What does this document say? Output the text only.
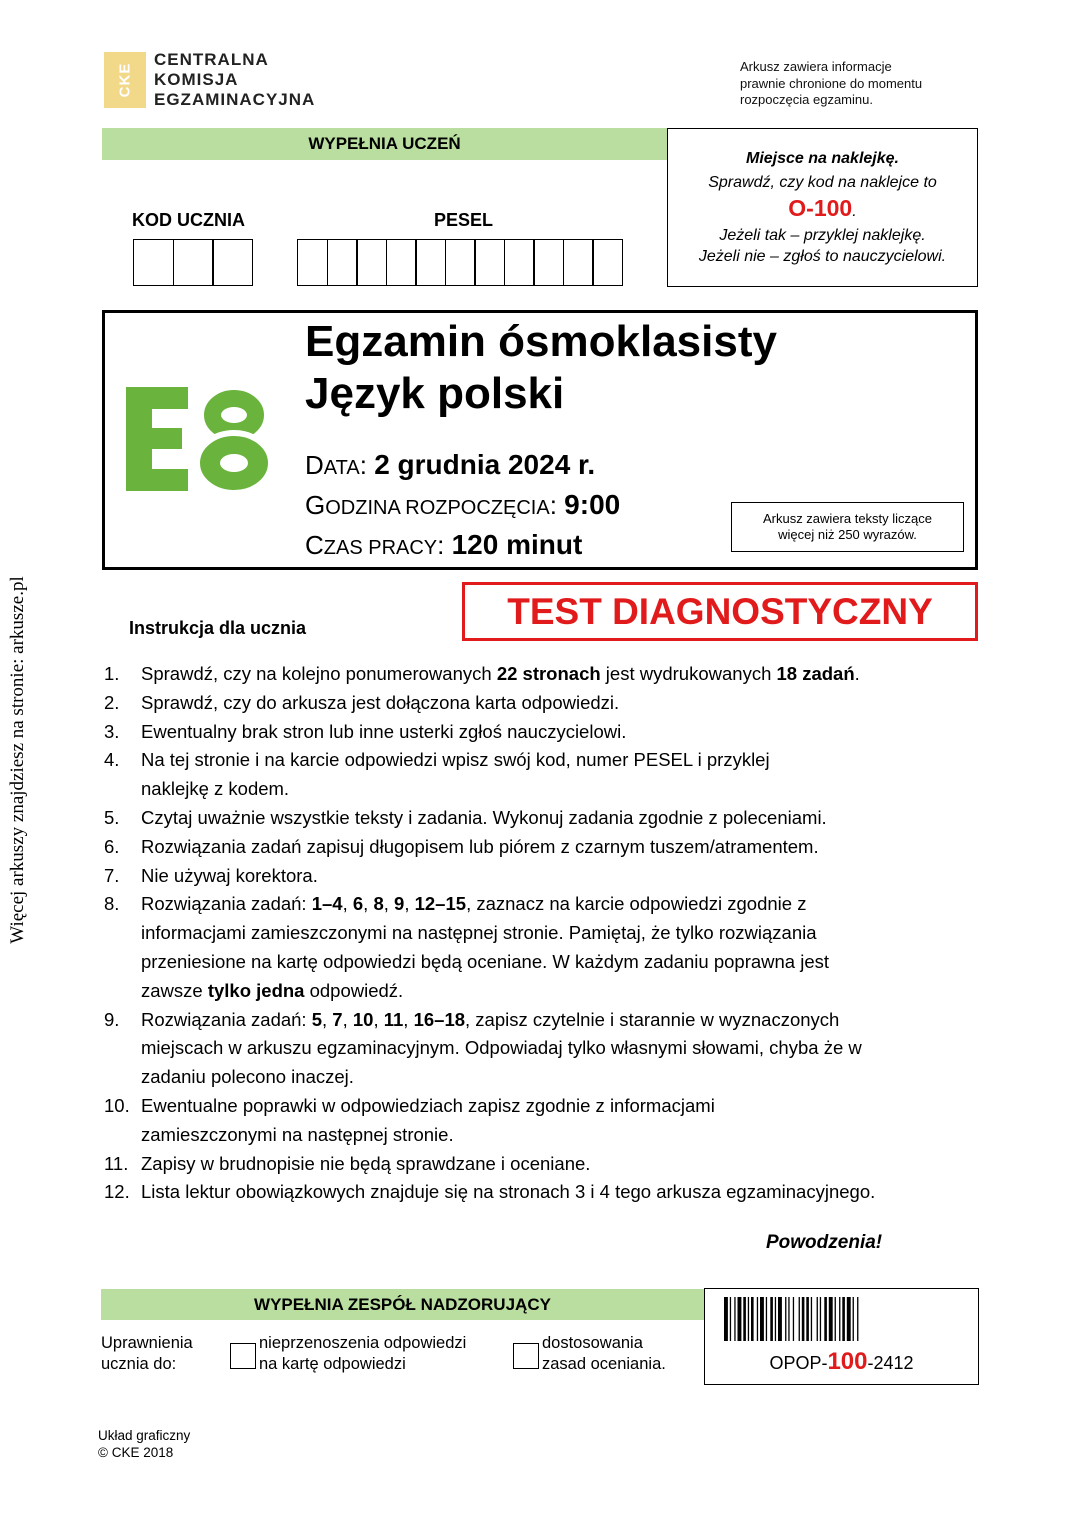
Więcej arkuszy znajdziesz na stronie: arkusze.pl
CKE
CENTRALNA
KOMISJA
EGZAMINACYJNA
Arkusz zawiera informacje
prawnie chronione do momentu
rozpoczęcia egzaminu.
WYPEŁNIA UCZEŃ
KOD UCZNIA	PESEL
Miejsce na naklejkę.
Sprawdź, czy kod na naklejce to
O-100.
Jeżeli tak – przyklej naklejkę.
Jeżeli nie – zgłoś to nauczycielowi.
Egzamin ósmoklasisty
Język polski
DATA: 2 grudnia 2024 r.
GODZINA ROZPOCZĘCIA: 9:00
CZAS PRACY: 120 minut
Arkusz zawiera teksty liczące
więcej niż 250 wyrazów.
TEST DIAGNOSTYCZNY
Instrukcja dla ucznia
1.	Sprawdź, czy na kolejno ponumerowanych 22 stronach jest wydrukowanych 18 zadań.
2.	Sprawdź, czy do arkusza jest dołączona karta odpowiedzi.
3.	Ewentualny brak stron lub inne usterki zgłoś nauczycielowi.
4.	Na tej stronie i na karcie odpowiedzi wpisz swój kod, numer PESEL i przyklej naklejkę z kodem.
5.	Czytaj uważnie wszystkie teksty i zadania. Wykonuj zadania zgodnie z poleceniami.
6.	Rozwiązania zadań zapisuj długopisem lub piórem z czarnym tuszem/atramentem.
7.	Nie używaj korektora.
8.	Rozwiązania zadań: 1–4, 6, 8, 9, 12–15, zaznacz na karcie odpowiedzi zgodnie z informacjami zamieszczonymi na następnej stronie. Pamiętaj, że tylko rozwiązania przeniesione na kartę odpowiedzi będą oceniane. W każdym zadaniu poprawna jest zawsze tylko jedna odpowiedź.
9.	Rozwiązania zadań: 5, 7, 10, 11, 16–18, zapisz czytelnie i starannie w wyznaczonych miejscach w arkuszu egzaminacyjnym. Odpowiadaj tylko własnymi słowami, chyba że w zadaniu polecono inaczej.
10. Ewentualne poprawki w odpowiedziach zapisz zgodnie z informacjami zamieszczonymi na następnej stronie.
11. Zapisy w brudnopisie nie będą sprawdzane i oceniane.
12. Lista lektur obowiązkowych znajduje się na stronach 3 i 4 tego arkusza egzaminacyjnego.
Powodzenia!
WYPEŁNIA ZESPÓŁ NADZORUJĄCY
Uprawnienia
ucznia do:
nieprzenoszenia odpowiedzi
na kartę odpowiedzi
dostosowania
zasad oceniania.	OPOP-100-2412
Układ graficzny
© CKE 2018
